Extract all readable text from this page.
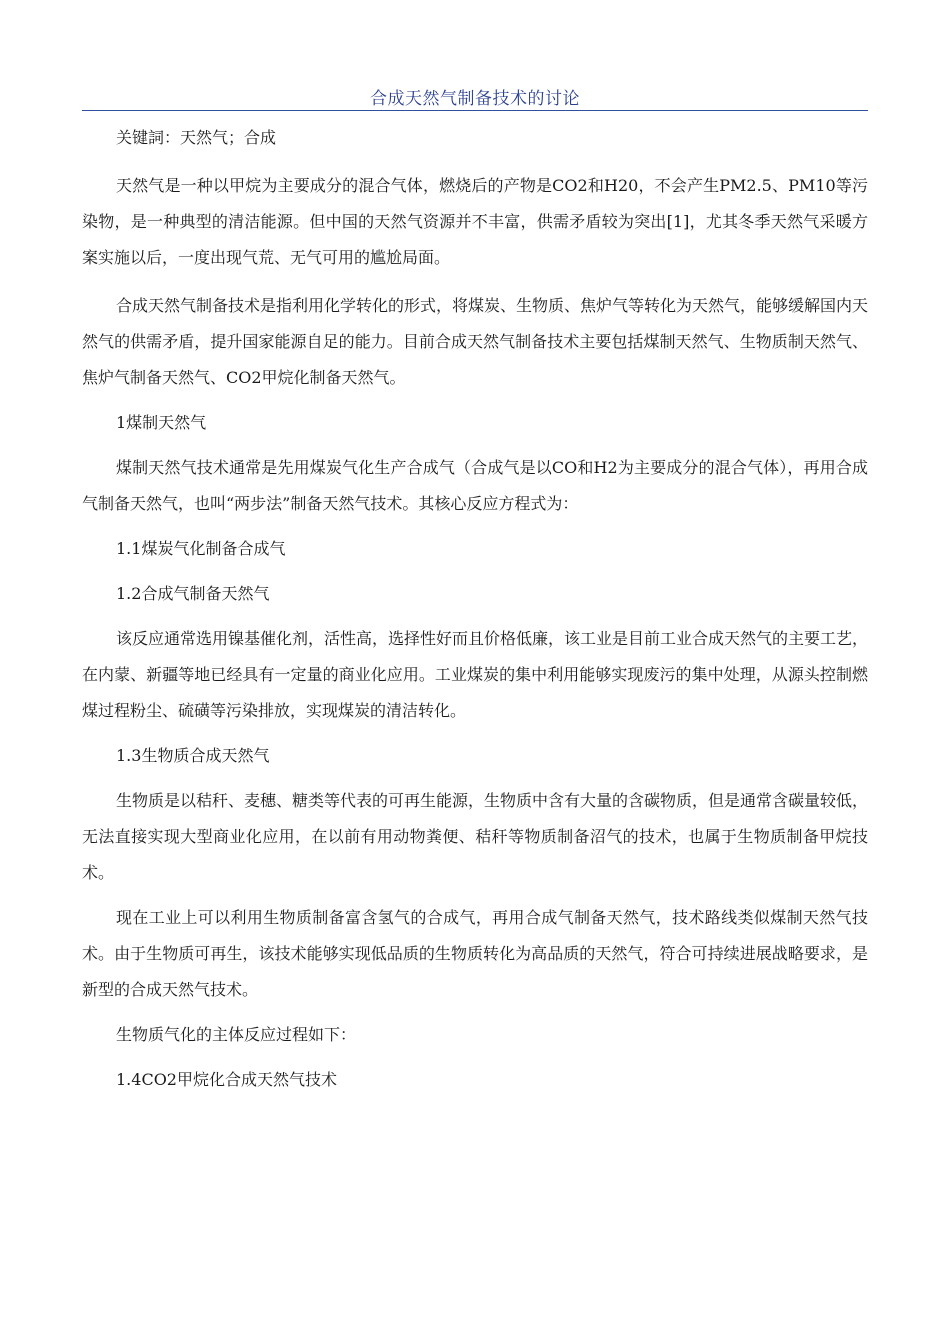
合成天然气制备技术的讨论

关键詞：天然气；合成

天然气是一种以甲烷为主要成分的混合气体，燃烧后的产物是CO2和H20，不会产生PM2.5、PM10等污染物，是一种典型的清洁能源。但中国的天然气资源并不丰富，供需矛盾较为突出[1]，尤其冬季天然气采暖方案实施以后，一度出现气荒、无气可用的尴尬局面。

合成天然气制备技术是指利用化学转化的形式，将煤炭、生物质、焦炉气等转化为天然气，能够缓解国内天然气的供需矛盾，提升国家能源自足的能力。目前合成天然气制备技术主要包括煤制天然气、生物质制天然气、焦炉气制备天然气、CO2甲烷化制备天然气。

1煤制天然气

煤制天然气技术通常是先用煤炭气化生产合成气（合成气是以CO和H2为主要成分的混合气体），再用合成气制备天然气，也叫“两步法”制备天然气技术。其核心反应方程式为：

1.1煤炭气化制备合成气

1.2合成气制备天然气

该反应通常选用镍基催化剂，活性高，选择性好而且价格低廉，该工业是目前工业合成天然气的主要工艺，在内蒙、新疆等地已经具有一定量的商业化应用。工业煤炭的集中利用能够实现废污的集中处理，从源头控制燃煤过程粉尘、硫磺等污染排放，实现煤炭的清洁转化。

1.3生物质合成天然气

生物质是以秸秆、麦穗、糖类等代表的可再生能源，生物质中含有大量的含碳物质，但是通常含碳量较低，无法直接实现大型商业化应用，在以前有用动物粪便、秸秆等物质制备沼气的技术，也属于生物质制备甲烷技术。

现在工业上可以利用生物质制备富含氢气的合成气，再用合成气制备天然气，技术路线类似煤制天然气技术。由于生物质可再生，该技术能够实现低品质的生物质转化为高品质的天然气，符合可持续进展战略要求，是新型的合成天然气技术。

生物质气化的主体反应过程如下：

1.4CO2甲烷化合成天然气技术
